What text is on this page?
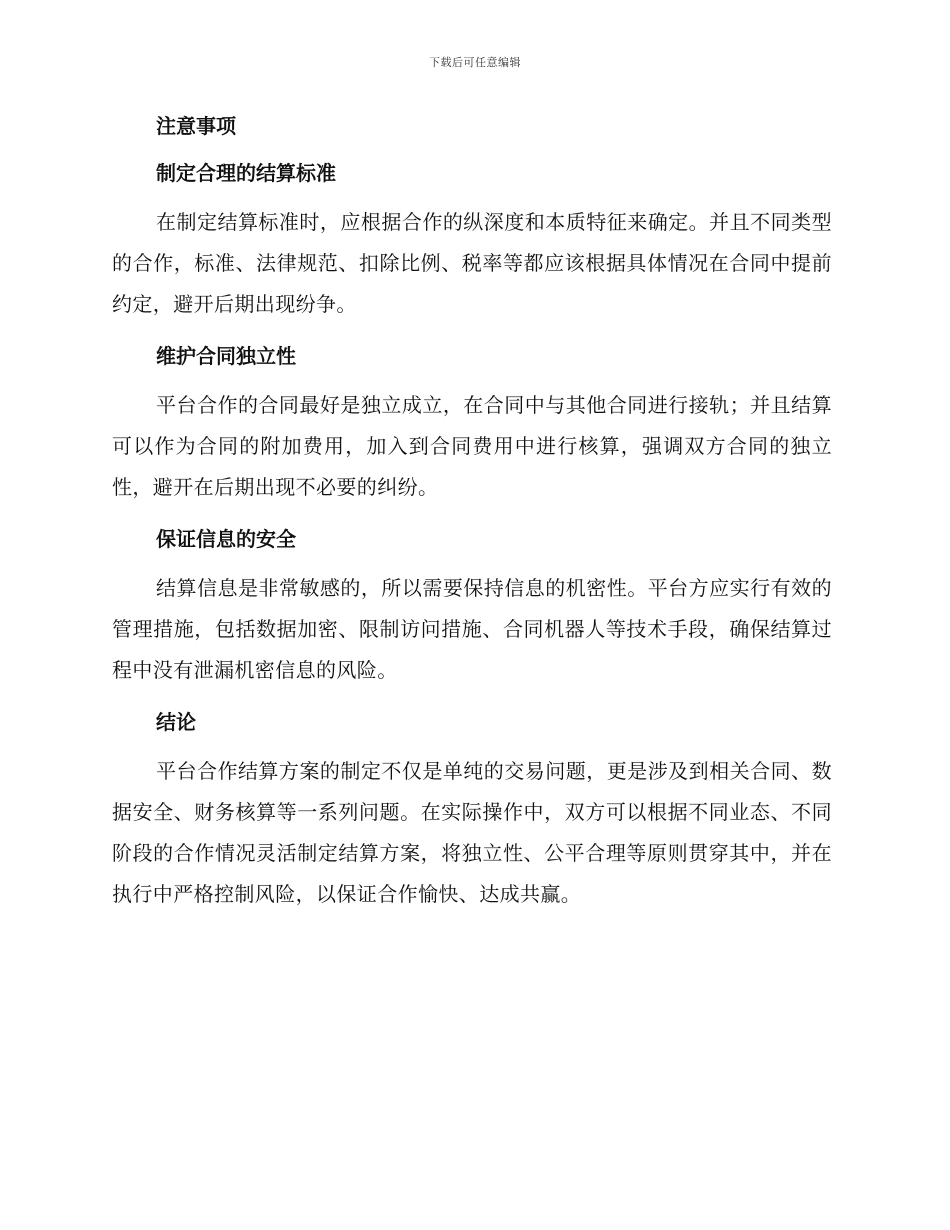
下载后可任意编辑
注意事项
制定合理的结算标准

在制定结算标准时，应根据合作的纵深度和本质特征来确定。并且不同类型的合作，标准、法律规范、扣除比例、税率等都应该根据具体情况在合同中提前约定，避开后期出现纷争。

维护合同独立性

平台合作的合同最好是独立成立，在合同中与其他合同进行接轨；并且结算可以作为合同的附加费用，加入到合同费用中进行核算，强调双方合同的独立性，避开在后期出现不必要的纠纷。

保证信息的安全

结算信息是非常敏感的，所以需要保持信息的机密性。平台方应实行有效的管理措施，包括数据加密、限制访问措施、合同机器人等技术手段，确保结算过程中没有泄漏机密信息的风险。

结论

平台合作结算方案的制定不仅是单纯的交易问题，更是涉及到相关合同、数据安全、财务核算等一系列问题。在实际操作中，双方可以根据不同业态、不同阶段的合作情况灵活制定结算方案，将独立性、公平合理等原则贯穿其中，并在执行中严格控制风险，以保证合作愉快、达成共赢。
